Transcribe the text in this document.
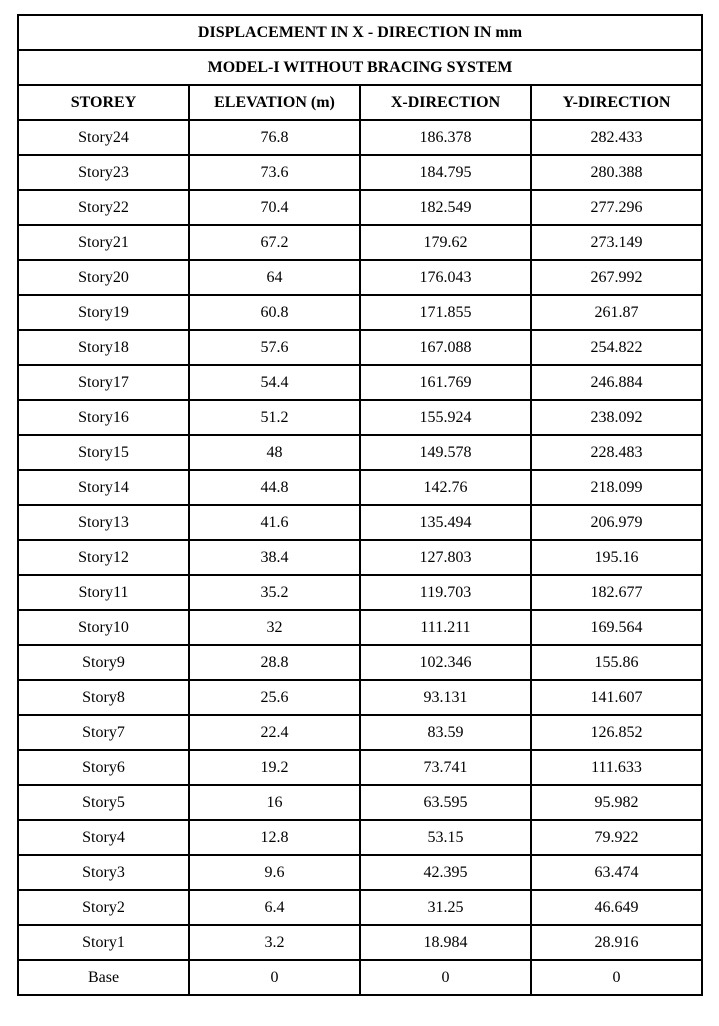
DISPLACEMENT IN X - DIRECTION IN mm			
MODEL-I WITHOUT BRACING SYSTEM			
STOREY	ELEVATION (m)	X-DIRECTION	Y-DIRECTION
Story24	76.8	186.378	282.433
Story23	73.6	184.795	280.388
Story22	70.4	182.549	277.296
Story21	67.2	179.62	273.149
Story20	64	176.043	267.992
Story19	60.8	171.855	261.87
Story18	57.6	167.088	254.822
Story17	54.4	161.769	246.884
Story16	51.2	155.924	238.092
Story15	48	149.578	228.483
Story14	44.8	142.76	218.099
Story13	41.6	135.494	206.979
Story12	38.4	127.803	195.16
Story11	35.2	119.703	182.677
Story10	32	111.211	169.564
Story9	28.8	102.346	155.86
Story8	25.6	93.131	141.607
Story7	22.4	83.59	126.852
Story6	19.2	73.741	111.633
Story5	16	63.595	95.982
Story4	12.8	53.15	79.922
Story3	9.6	42.395	63.474
Story2	6.4	31.25	46.649
Story1	3.2	18.984	28.916
Base	0	0	0
